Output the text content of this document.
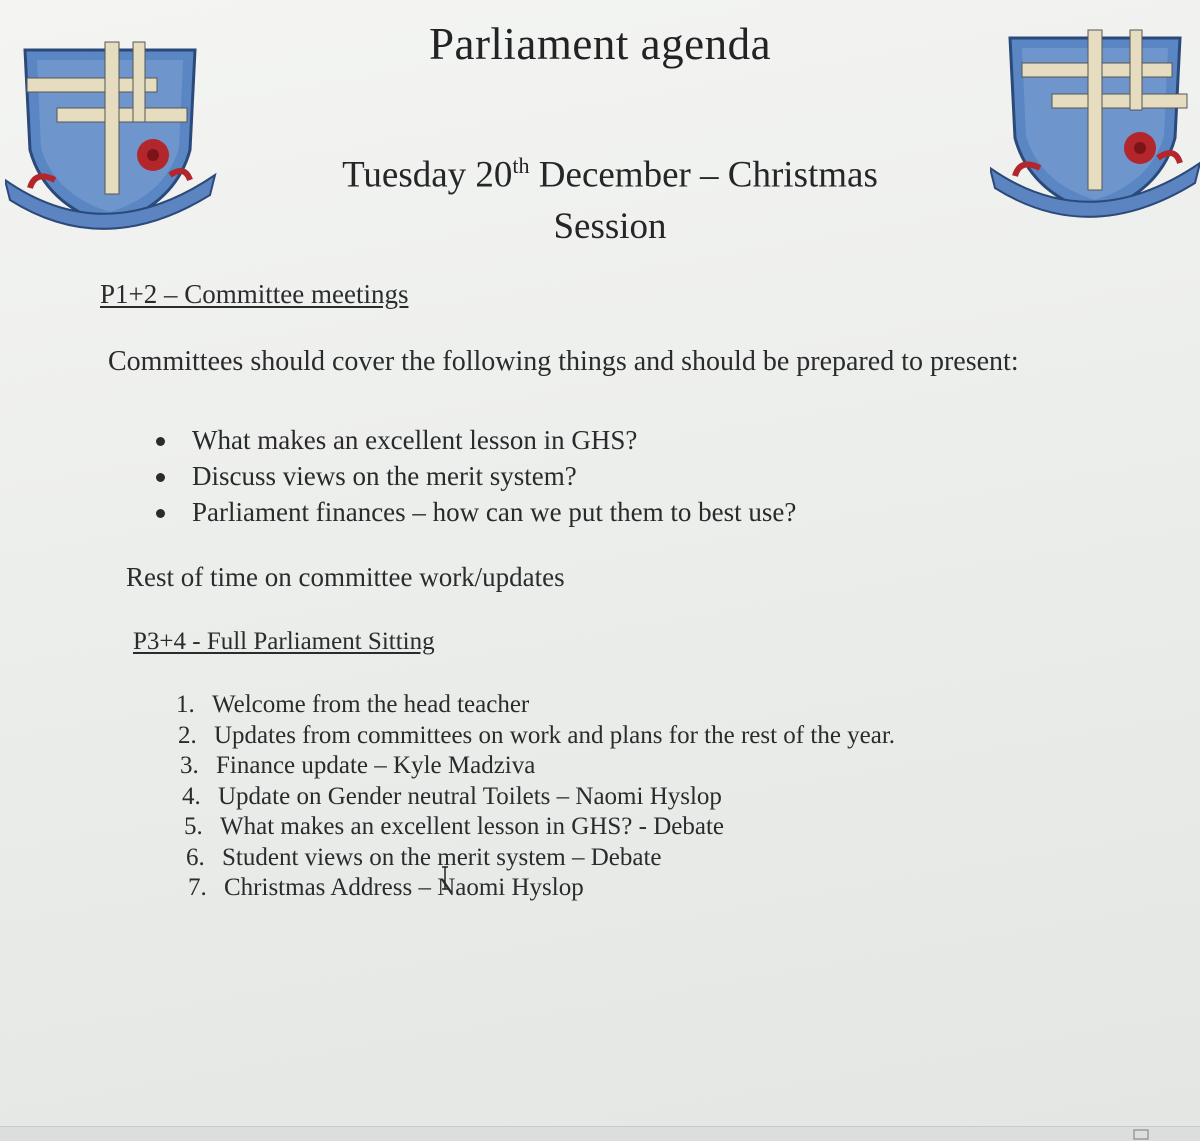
Parliament agenda
Tuesday 20th December – Christmas Session
P1+2 – Committee meetings
Committees should cover the following things and should be prepared to present:
What makes an excellent lesson in GHS?
Discuss views on the merit system?
Parliament finances – how can we put them to best use?
Rest of time on committee work/updates
P3+4 - Full Parliament Sitting
1. Welcome from the head teacher
2. Updates from committees on work and plans for the rest of the year.
3. Finance update – Kyle Madziva
4. Update on Gender neutral Toilets – Naomi Hyslop
5. What makes an excellent lesson in GHS? - Debate
6. Student views on the merit system – Debate
7. Christmas Address – Naomi Hyslop
